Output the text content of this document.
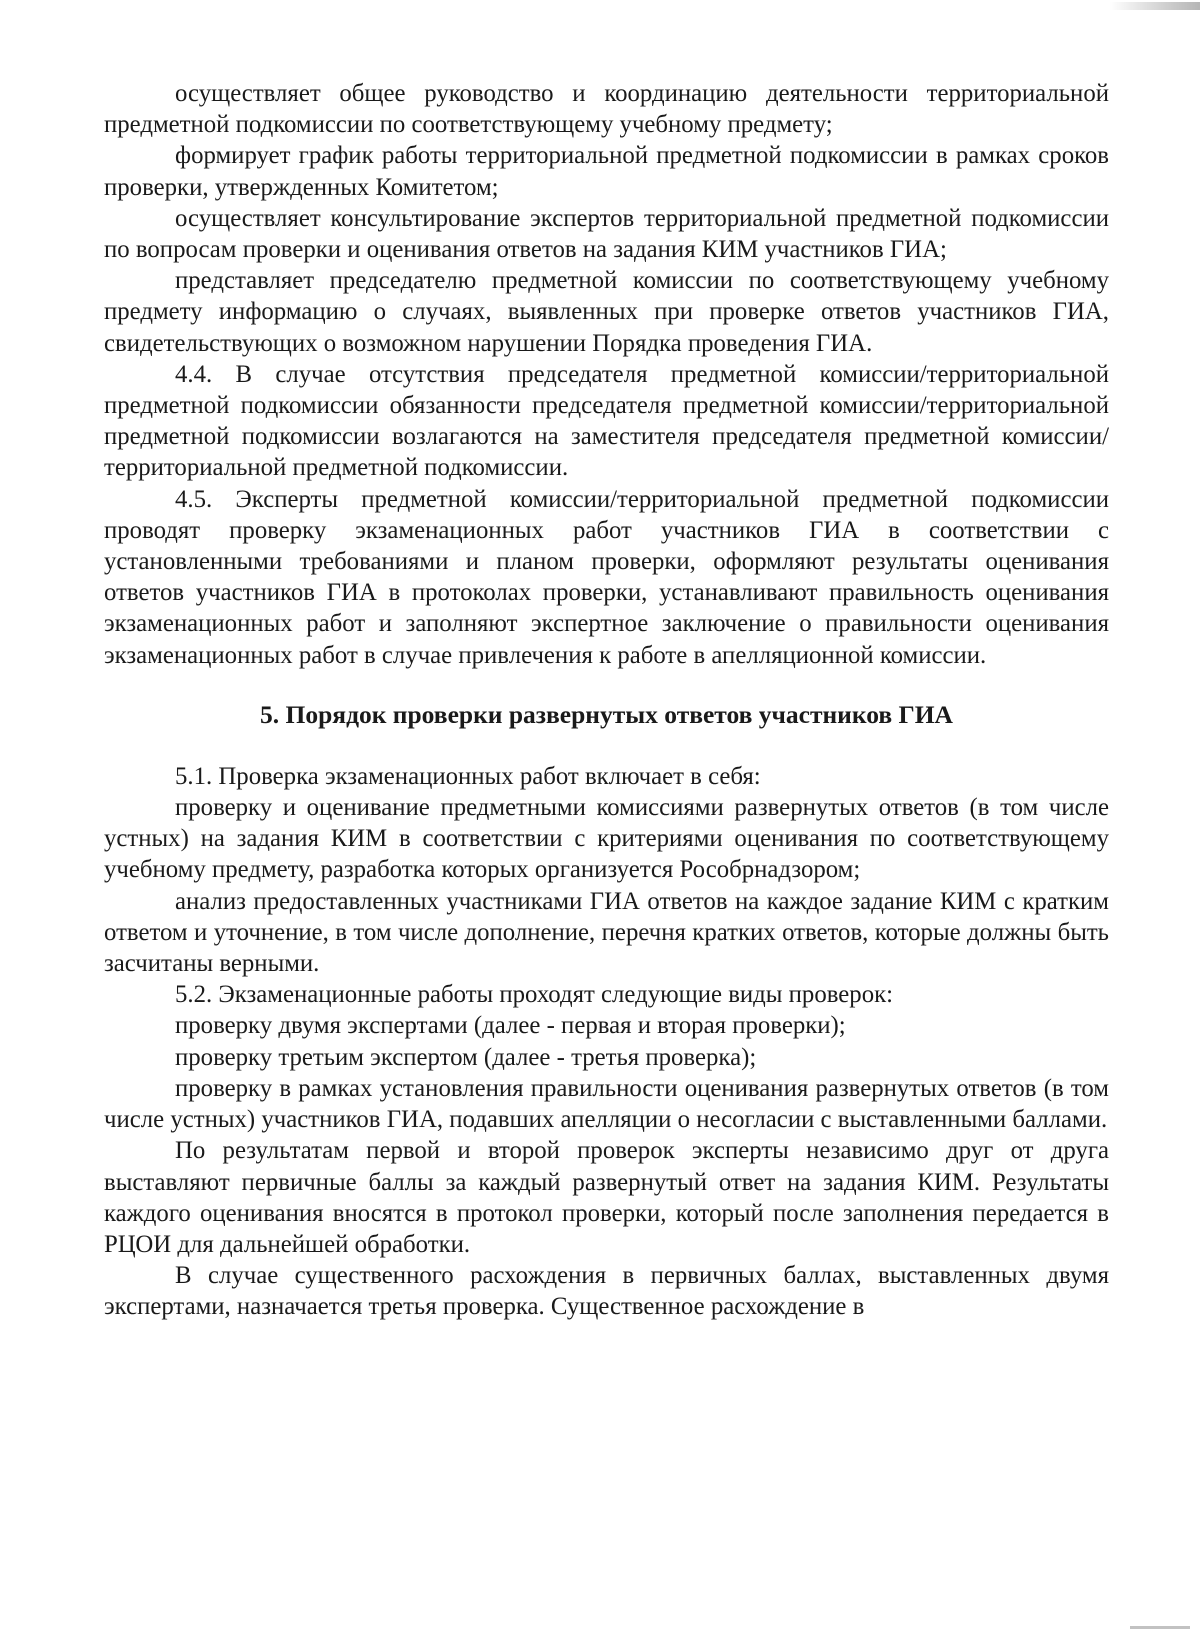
осуществляет общее руководство и координацию деятельности территориальной предметной подкомиссии по соответствующему учебному предмету;

формирует график работы территориальной предметной подкомиссии в рамках сроков проверки, утвержденных Комитетом;

осуществляет консультирование экспертов территориальной предметной подкомиссии по вопросам проверки и оценивания ответов на задания КИМ участников ГИА;

представляет председателю предметной комиссии по соответствующему учебному предмету информацию о случаях, выявленных при проверке ответов участников ГИА, свидетельствующих о возможном нарушении Порядка проведения ГИА.

4.4. В случае отсутствия председателя предметной комиссии/территориальной предметной подкомиссии обязанности председателя предметной комиссии/территориальной предметной подкомиссии возлагаются на заместителя председателя предметной комиссии/территориальной предметной подкомиссии.

4.5. Эксперты предметной комиссии/территориальной предметной подкомиссии проводят проверку экзаменационных работ участников ГИА в соответствии с установленными требованиями и планом проверки, оформляют результаты оценивания ответов участников ГИА в протоколах проверки, устанавливают правильность оценивания экзаменационных работ и заполняют экспертное заключение о правильности оценивания экзаменационных работ в случае привлечения к работе в апелляционной комиссии.

5. Порядок проверки развернутых ответов участников ГИА

5.1. Проверка экзаменационных работ включает в себя:

проверку и оценивание предметными комиссиями развернутых ответов (в том числе устных) на задания КИМ в соответствии с критериями оценивания по соответствующему учебному предмету, разработка которых организуется Рособрнадзором;

анализ предоставленных участниками ГИА ответов на каждое задание КИМ с кратким ответом и уточнение, в том числе дополнение, перечня кратких ответов, которые должны быть засчитаны верными.

5.2. Экзаменационные работы проходят следующие виды проверок:

проверку двумя экспертами (далее - первая и вторая проверки);

проверку третьим экспертом (далее - третья проверка);

проверку в рамках установления правильности оценивания развернутых ответов (в том числе устных) участников ГИА, подавших апелляции о несогласии с выставленными баллами.

По результатам первой и второй проверок эксперты независимо друг от друга выставляют первичные баллы за каждый развернутый ответ на задания КИМ. Результаты каждого оценивания вносятся в протокол проверки, который после заполнения передается в РЦОИ для дальнейшей обработки.

В случае существенного расхождения в первичных баллах, выставленных двумя экспертами, назначается третья проверка. Существенное расхождение в
